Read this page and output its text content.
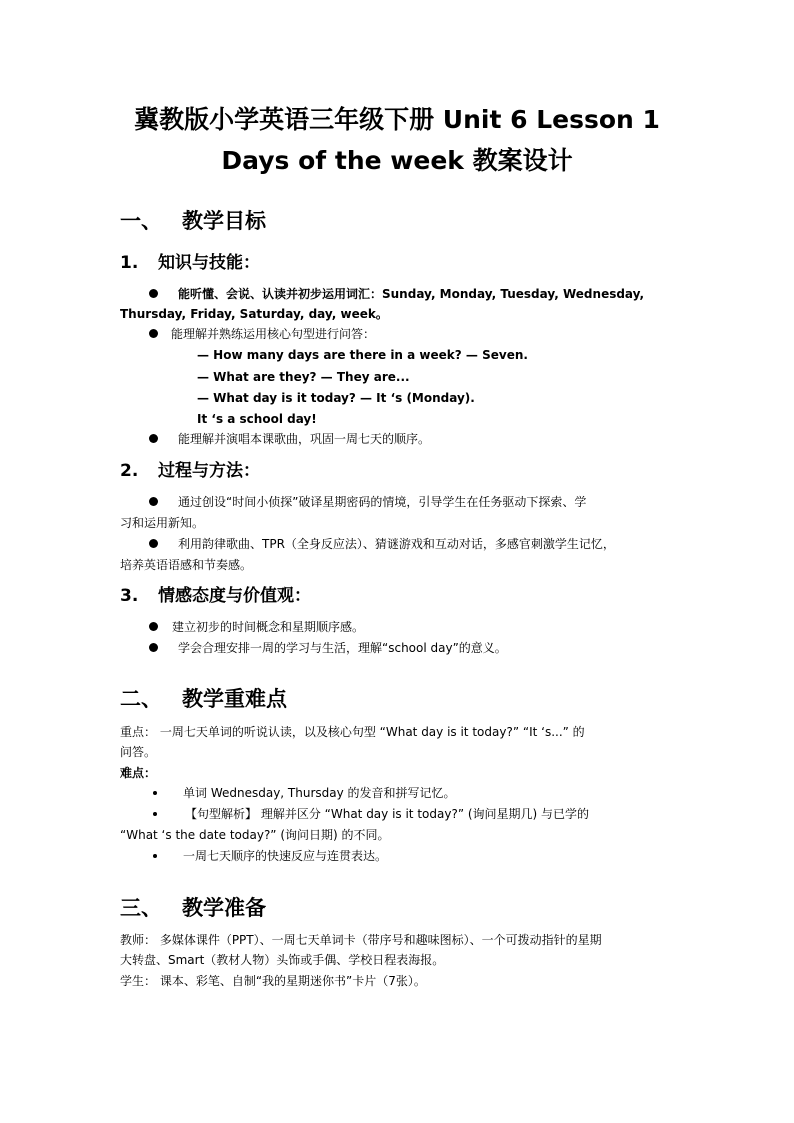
冀教版小学英语三年级下册 Unit 6 Lesson 1
Days of the week 教案设计
一、 教学目标
1. 知识与技能：
能听懂、会说、认读并初步运用词汇：Sunday, Monday, Tuesday, Wednesday,
Thursday, Friday, Saturday, day, week。
能理解并熟练运用核心句型进行问答：
— How many days are there in a week? — Seven.
— What are they? — They are...
— What day is it today? — It ‘s (Monday).
It ‘s a school day!
能理解并演唱本课歌曲，巩固一周七天的顺序。
2. 过程与方法：
通过创设“时间小侦探”破译星期密码的情境，引导学生在任务驱动下探索、学
习和运用新知。
利用韵律歌曲、TPR（全身反应法）、猜谜游戏和互动对话，多感官刺激学生记忆，
培养英语语感和节奏感。
3. 情感态度与价值观：
建立初步的时间概念和星期顺序感。
学会合理安排一周的学习与生活，理解“school day”的意义。
二、 教学重难点
重点： 一周七天单词的听说认读，以及核心句型 “What day is it today?” “It ‘s...” 的
问答。
难点：
单词 Wednesday, Thursday 的发音和拼写记忆。
【句型解析】 理解并区分 “What day is it today?” (询问星期几) 与已学的
“What ‘s the date today?” (询问日期) 的不同。
一周七天顺序的快速反应与连贯表达。
三、 教学准备
教师： 多媒体课件（PPT）、一周七天单词卡（带序号和趣味图标）、一个可拨动指针的星期
大转盘、Smart（教材人物）头饰或手偶、学校日程表海报。
学生： 课本、彩笔、自制“我的星期迷你书”卡片（7张）。
